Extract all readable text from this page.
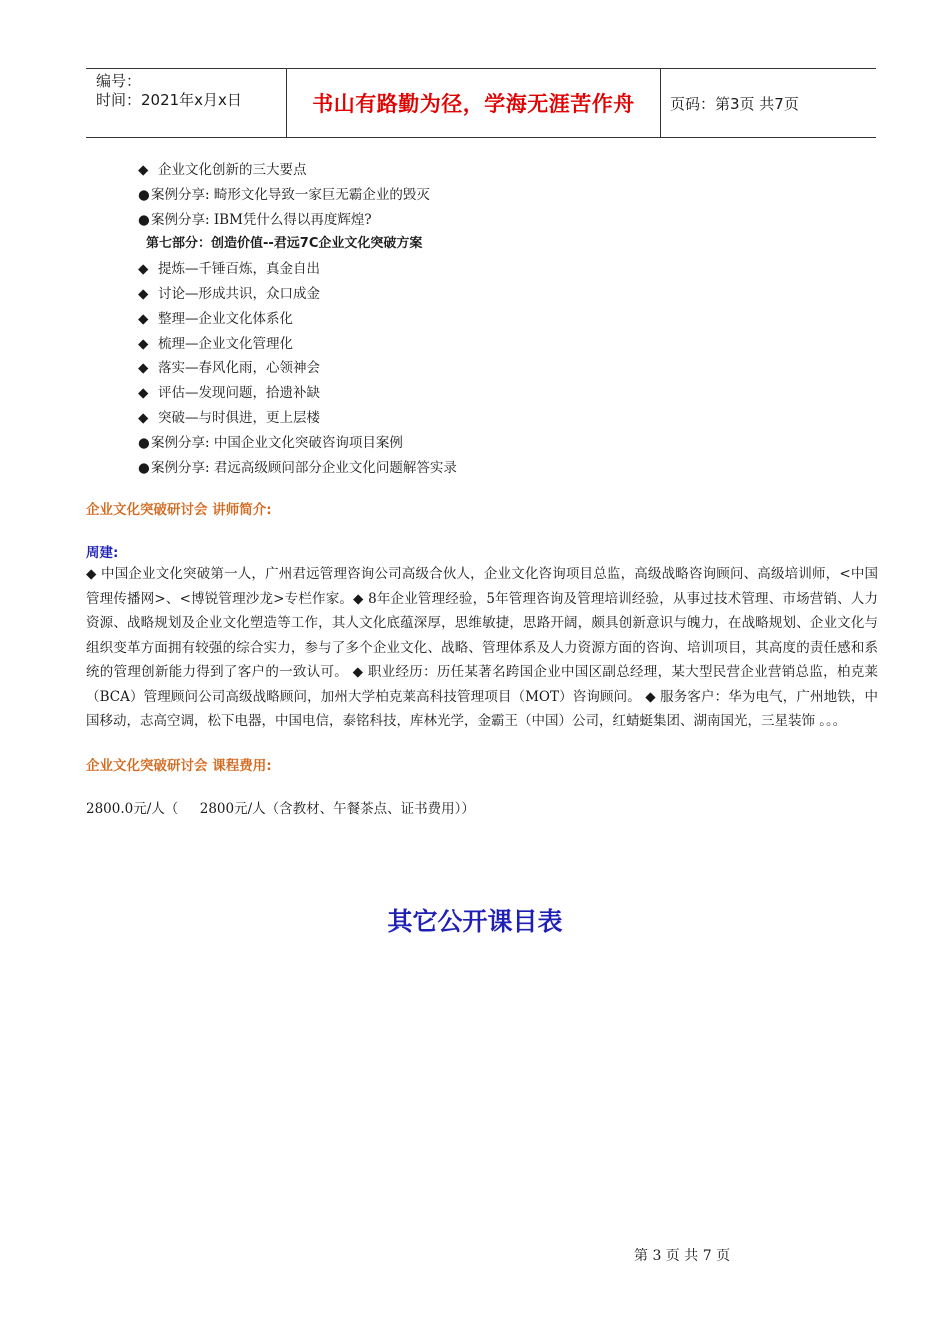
编号：
时间：2021年x月x日	书山有路勤为径，学海无涯苦作舟	页码：第3页 共7页
◆ 企业文化创新的三大要点
●案例分享: 畸形文化导致一家巨无霸企业的毁灭
●案例分享: IBM凭什么得以再度辉煌?
第七部分：创造价值--君远7C企业文化突破方案
◆ 提炼—千锤百炼，真金自出
◆ 讨论—形成共识，众口成金
◆ 整理—企业文化体系化
◆ 梳理—企业文化管理化
◆ 落实—春风化雨，心领神会
◆ 评估—发现问题，拾遗补缺
◆ 突破—与时俱进，更上层楼
●案例分享: 中国企业文化突破咨询项目案例
●案例分享: 君远高级顾问部分企业文化问题解答实录
企业文化突破研讨会 讲师简介:
周建:
◆ 中国企业文化突破第一人，广州君远管理咨询公司高级合伙人，企业文化咨询项目总监，高级战略咨询顾问、高级培训师，<中国管理传播网>、<博锐管理沙龙>专栏作家。◆ 8年企业管理经验，5年管理咨询及管理培训经验，从事过技术管理、市场营销、人力资源、战略规划及企业文化塑造等工作，其人文化底蕴深厚，思维敏捷，思路开阔，颇具创新意识与魄力，在战略规划、企业文化与组织变革方面拥有较强的综合实力，参与了多个企业文化、战略、管理体系及人力资源方面的咨询、培训项目，其高度的责任感和系统的管理创新能力得到了客户的一致认可。 ◆ 职业经历：历任某著名跨国企业中国区副总经理，某大型民营企业营销总监，柏克莱（BCA）管理顾问公司高级战略顾问，加州大学柏克莱高科技管理项目（MOT）咨询顾问。 ◆ 服务客户：华为电气，广州地铁，中国移动，志高空调，松下电器，中国电信，泰铭科技，库林光学，金霸王（中国）公司，红蜻蜓集团、湖南国光，三星装饰 。。。
企业文化突破研讨会 课程费用:
2800.0元/人（     2800元/人（含教材、午餐茶点、证书费用））
其它公开课目表
第 3 页 共 7 页
